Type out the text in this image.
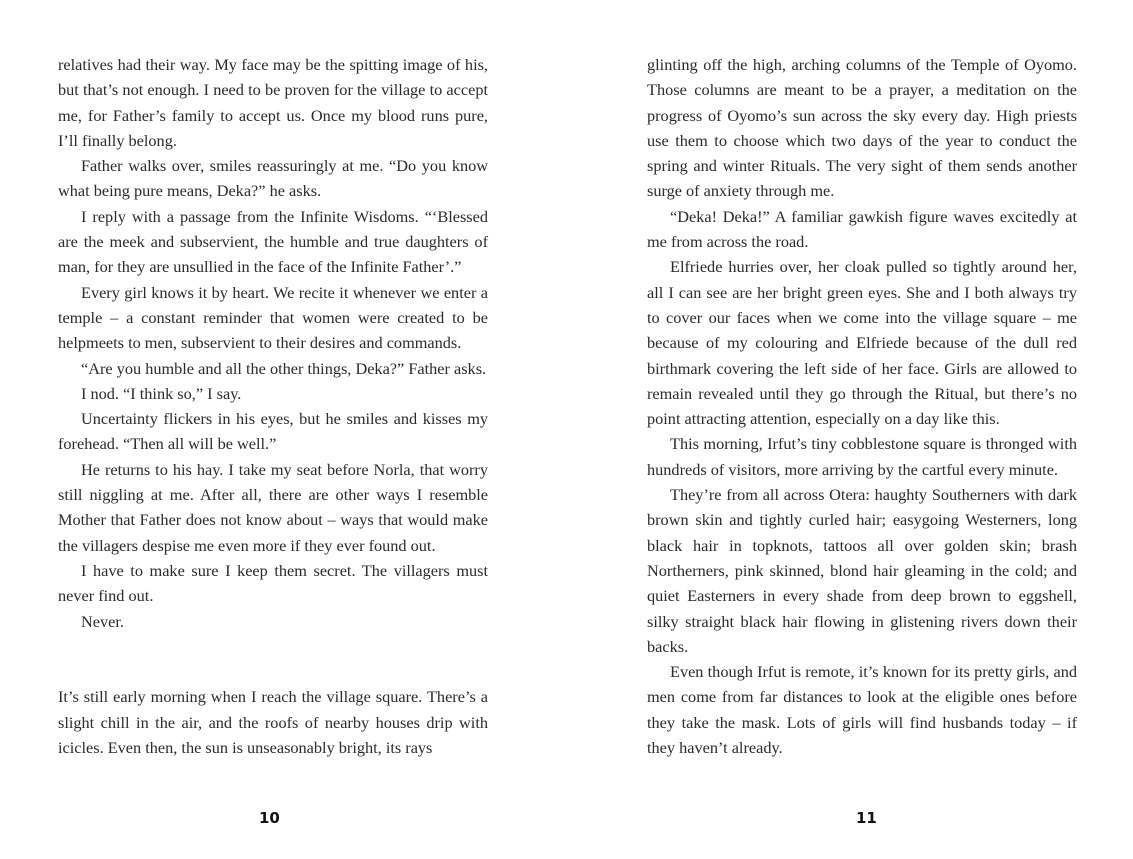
relatives had their way. My face may be the spitting image of his, but that’s not enough. I need to be proven for the village to accept me, for Father’s family to accept us. Once my blood runs pure, I’ll finally belong.

Father walks over, smiles reassuringly at me. “Do you know what being pure means, Deka?” he asks.

I reply with a passage from the Infinite Wisdoms. “‘Blessed are the meek and subservient, the humble and true daughters of man, for they are unsullied in the face of the Infinite Father’.”

Every girl knows it by heart. We recite it whenever we enter a temple – a constant reminder that women were created to be helpmeets to men, subservient to their desires and commands.

“Are you humble and all the other things, Deka?” Father asks.

I nod. “I think so,” I say.

Uncertainty flickers in his eyes, but he smiles and kisses my forehead. “Then all will be well.”

He returns to his hay. I take my seat before Norla, that worry still niggling at me. After all, there are other ways I resemble Mother that Father does not know about – ways that would make the villagers despise me even more if they ever found out.

I have to make sure I keep them secret. The villagers must never find out.

Never.

It’s still early morning when I reach the village square. There’s a slight chill in the air, and the roofs of nearby houses drip with icicles. Even then, the sun is unseasonably bright, its rays

glinting off the high, arching columns of the Temple of Oyomo. Those columns are meant to be a prayer, a meditation on the progress of Oyomo’s sun across the sky every day. High priests use them to choose which two days of the year to conduct the spring and winter Rituals. The very sight of them sends another surge of anxiety through me.

“Deka! Deka!” A familiar gawkish figure waves excitedly at me from across the road.

Elfriede hurries over, her cloak pulled so tightly around her, all I can see are her bright green eyes. She and I both always try to cover our faces when we come into the village square – me because of my colouring and Elfriede because of the dull red birthmark covering the left side of her face. Girls are allowed to remain revealed until they go through the Ritual, but there’s no point attracting attention, especially on a day like this.

This morning, Irfut’s tiny cobblestone square is thronged with hundreds of visitors, more arriving by the cartful every minute.

They’re from all across Otera: haughty Southerners with dark brown skin and tightly curled hair; easygoing Westerners, long black hair in topknots, tattoos all over golden skin; brash Northerners, pink skinned, blond hair gleaming in the cold; and quiet Easterners in every shade from deep brown to eggshell, silky straight black hair flowing in glistening rivers down their backs.

Even though Irfut is remote, it’s known for its pretty girls, and men come from far distances to look at the eligible ones before they take the mask. Lots of girls will find husbands today – if they haven’t already.

10	11
